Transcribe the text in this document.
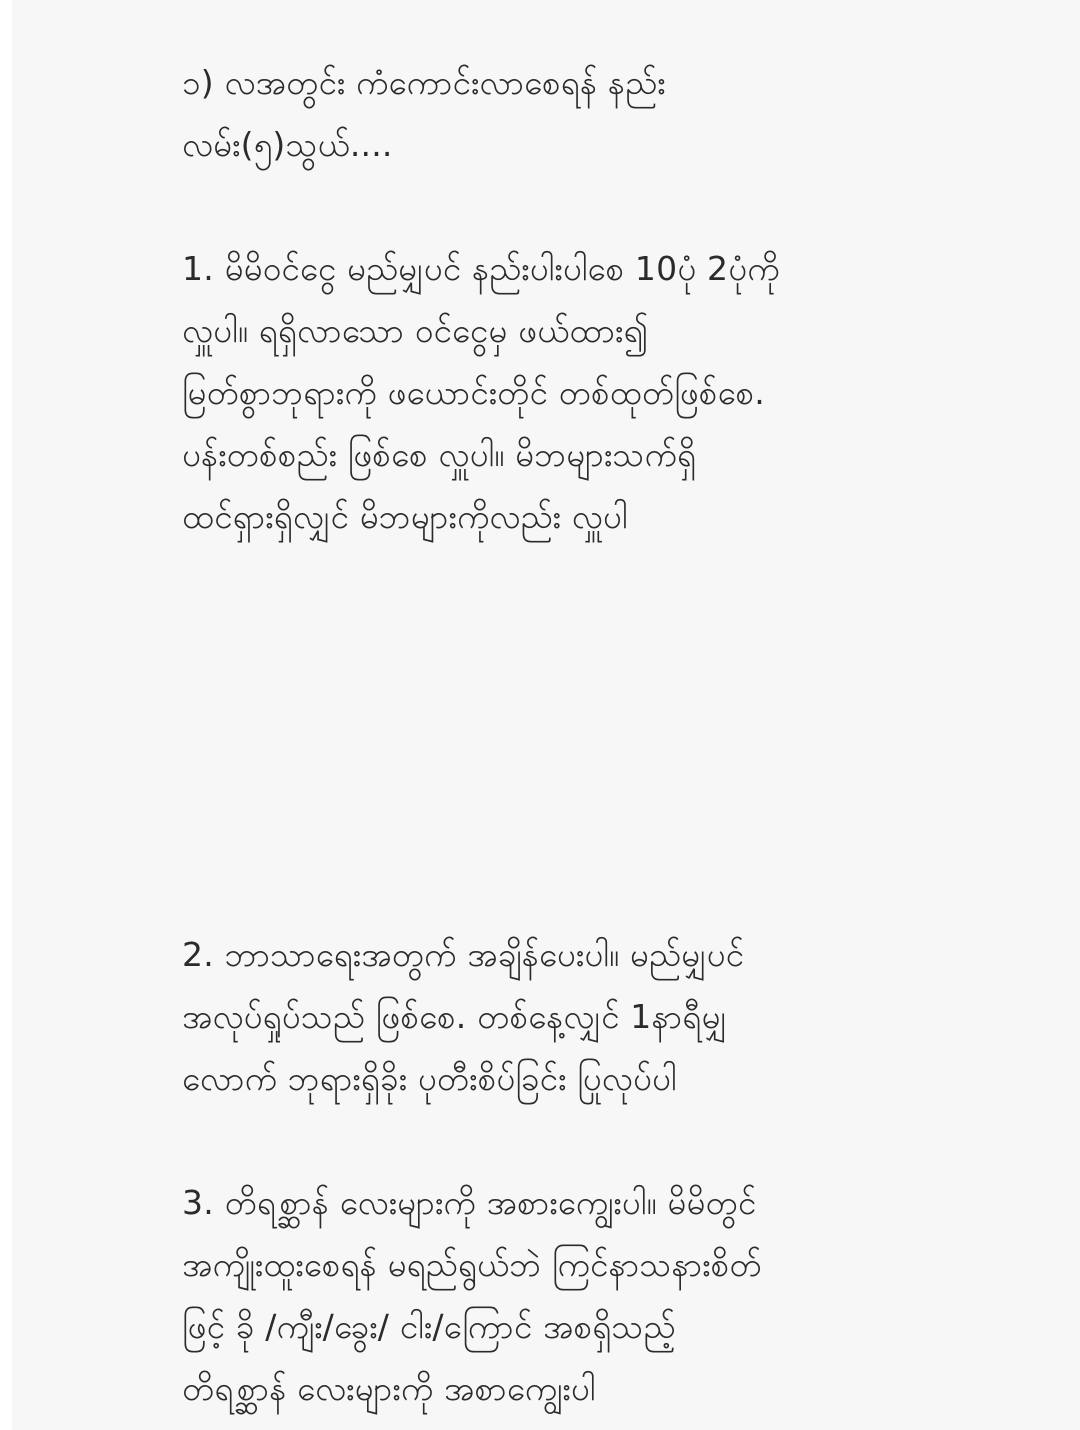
၁) လအတွင်း ကံကောင်းလာစေရန် နည်း
လမ်း(၅)သွယ်....

1. မိမိဝင်ငွေ မည်မျှပင် နည်းပါးပါစေ 10ပုံ 2ပုံကို
လှူပါ။ ရရှိလာသော ဝင်ငွေမှ ဖယ်ထား၍
မြတ်စွာဘုရားကို ဖယောင်းတိုင် တစ်ထုတ်ဖြစ်စေ.
ပန်းတစ်စည်း ဖြစ်စေ လှူပါ။ မိဘများသက်ရှိ
ထင်ရှားရှိလျှင် မိဘများကိုလည်း လှူပါ

2. ဘာသာရေးအတွက် အချိန်ပေးပါ။ မည်မျှပင်
အလုပ်ရှုပ်သည် ဖြစ်စေ. တစ်နေ့လျှင် 1နာရီမျှ
လောက် ဘုရားရှိခိုး ပုတီးစိပ်ခြင်း ပြုလုပ်ပါ

3. တိရစ္ဆာန် လေးများကို အစားကျွေးပါ။ မိမိတွင်
အကျိုးထူးစေရန် မရည်ရွယ်ဘဲ ကြင်နာသနားစိတ်
ဖြင့် ခို /ကျီး/ခွေး/ ငါး/ကြောင် အစရှိသည့်
တိရစ္ဆာန် လေးများကို အစာကျွေးပါ
